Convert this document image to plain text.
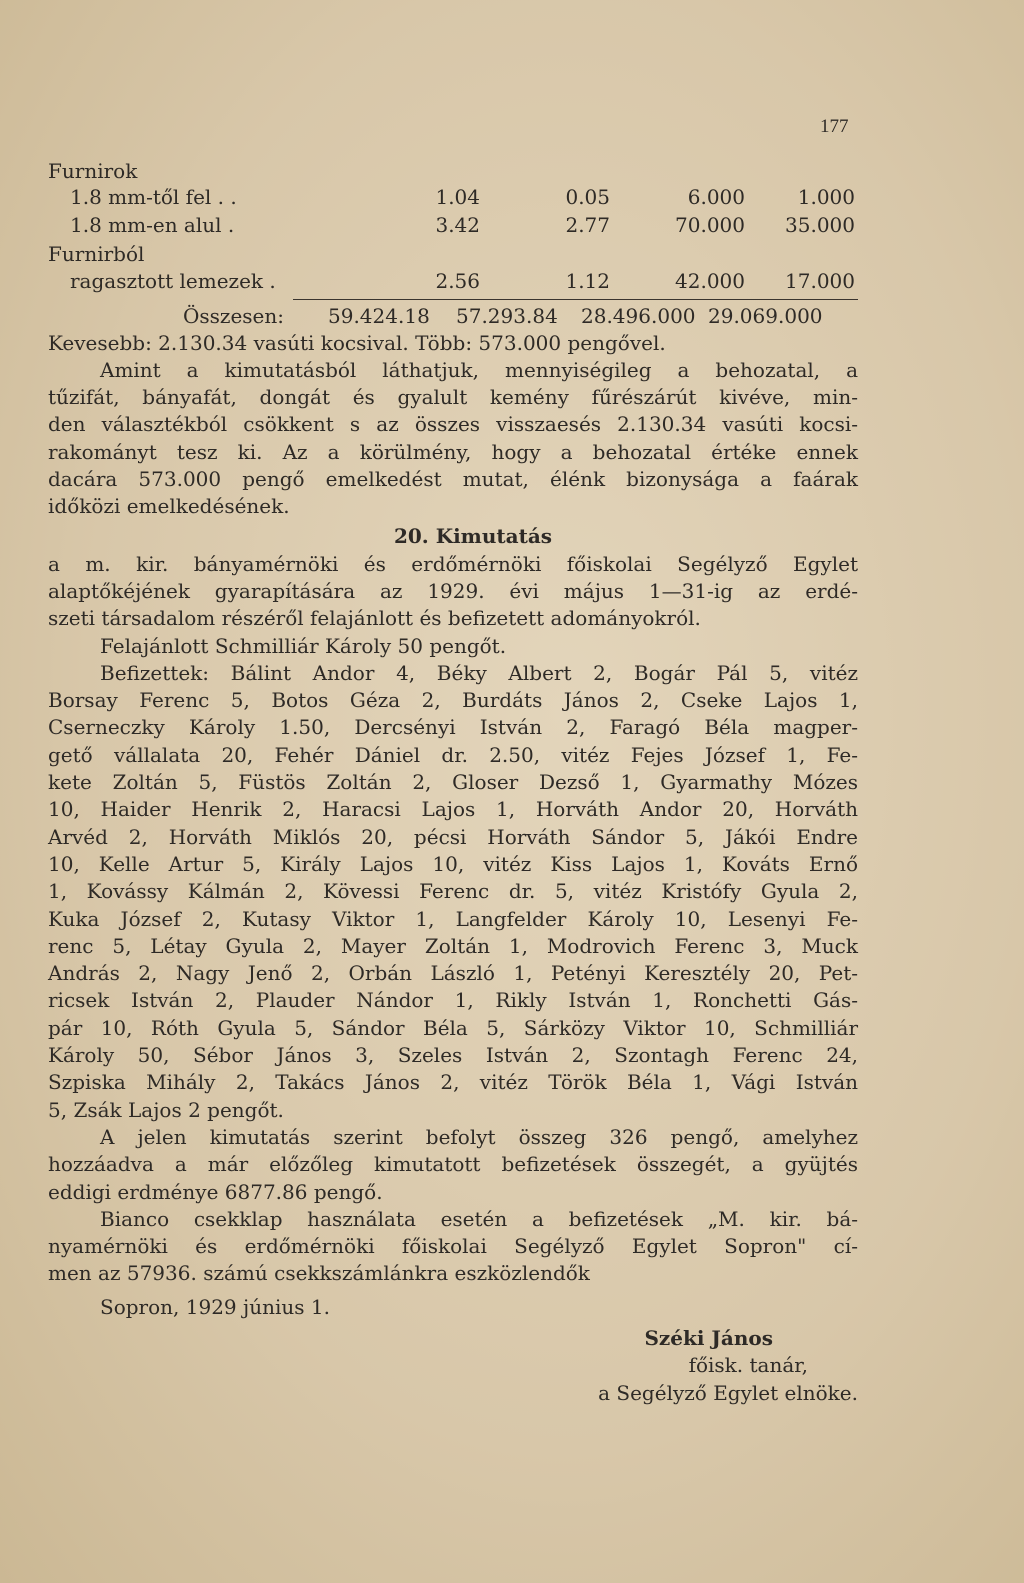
177
Furnirok
1.8 mm-től fel . .	1.04	0.05	6.000	1.000
1.8 mm-en alul .	3.42	2.77	70.000 35.000
Furnirból
ragasztott lemezek .	2.56	1.12	42.000 17.000
Összesen: 59.424.18 57.293.84 28.496.000 29.069.000
Kevesebb: 2.130.34 vasúti kocsival. Több: 573.000 pengővel.
Amint a kimutatásból láthatjuk, mennyiségileg a behozatal, a
tűzifát, bányafát, dongát és gyalult kemény fűrészárút kivéve, min-
den választékból csökkent s az összes visszaesés 2.130.34 vasúti kocsi-
rakományt tesz ki. Az a körülmény, hogy a behozatal értéke ennek
dacára 573.000 pengő emelkedést mutat, élénk bizonysága a faárak
időközi emelkedésének.
20. Kimutatás
a m. kir. bányamérnöki és erdőmérnöki főiskolai Segélyző Egylet
alaptőkéjének gyarapítására az 1929. évi május 1—31-ig az erdé-
szeti társadalom részéről felajánlott és befizetett adományokról.
Felajánlott Schmilliár Károly 50 pengőt.
Befizettek: Bálint Andor 4, Béky Albert 2, Bogár Pál 5, vitéz
Borsay Ferenc 5, Botos Géza 2, Burdáts János 2, Cseke Lajos 1,
Cserneczky Károly 1.50, Dercsényi István 2, Faragó Béla magper-
gető vállalata 20, Fehér Dániel dr. 2.50, vitéz Fejes József 1, Fe-
kete Zoltán 5, Füstös Zoltán 2, Gloser Dezső 1, Gyarmathy Mózes
10, Haider Henrik 2, Haracsi Lajos 1, Horváth Andor 20, Horváth
Arvéd 2, Horváth Miklós 20, pécsi Horváth Sándor 5, Jákói Endre
10, Kelle Artur 5, Király Lajos 10, vitéz Kiss Lajos 1, Kováts Ernő
1, Kovássy Kálmán 2, Kövessi Ferenc dr. 5, vitéz Kristófy Gyula 2,
Kuka József 2, Kutasy Viktor 1, Langfelder Károly 10, Lesenyi Fe-
renc 5, Létay Gyula 2, Mayer Zoltán 1, Modrovich Ferenc 3, Muck
András 2, Nagy Jenő 2, Orbán László 1, Petényi Keresztély 20, Pet-
ricsek István 2, Plauder Nándor 1, Rikly István 1, Ronchetti Gás-
pár 10, Róth Gyula 5, Sándor Béla 5, Sárközy Viktor 10, Schmilliár
Károly 50, Sébor János 3, Szeles István 2, Szontagh Ferenc 24,
Szpiska Mihály 2, Takács János 2, vitéz Török Béla 1, Vági István
5, Zsák Lajos 2 pengőt.
A jelen kimutatás szerint befolyt összeg 326 pengő, amelyhez
hozzáadva a már előzőleg kimutatott befizetések összegét, a gyüjtés
eddigi erdménye 6877.86 pengő.
Bianco csekklap használata esetén a befizetések „M. kir. bá-
nyamérnöki és erdőmérnöki főiskolai Segélyző Egylet Sopron" cí-
men az 57936. számú csekkszámlánkra eszközlendők
Sopron, 1929 június 1.
Széki János
főisk. tanár,
a Segélyző Egylet elnöke.
